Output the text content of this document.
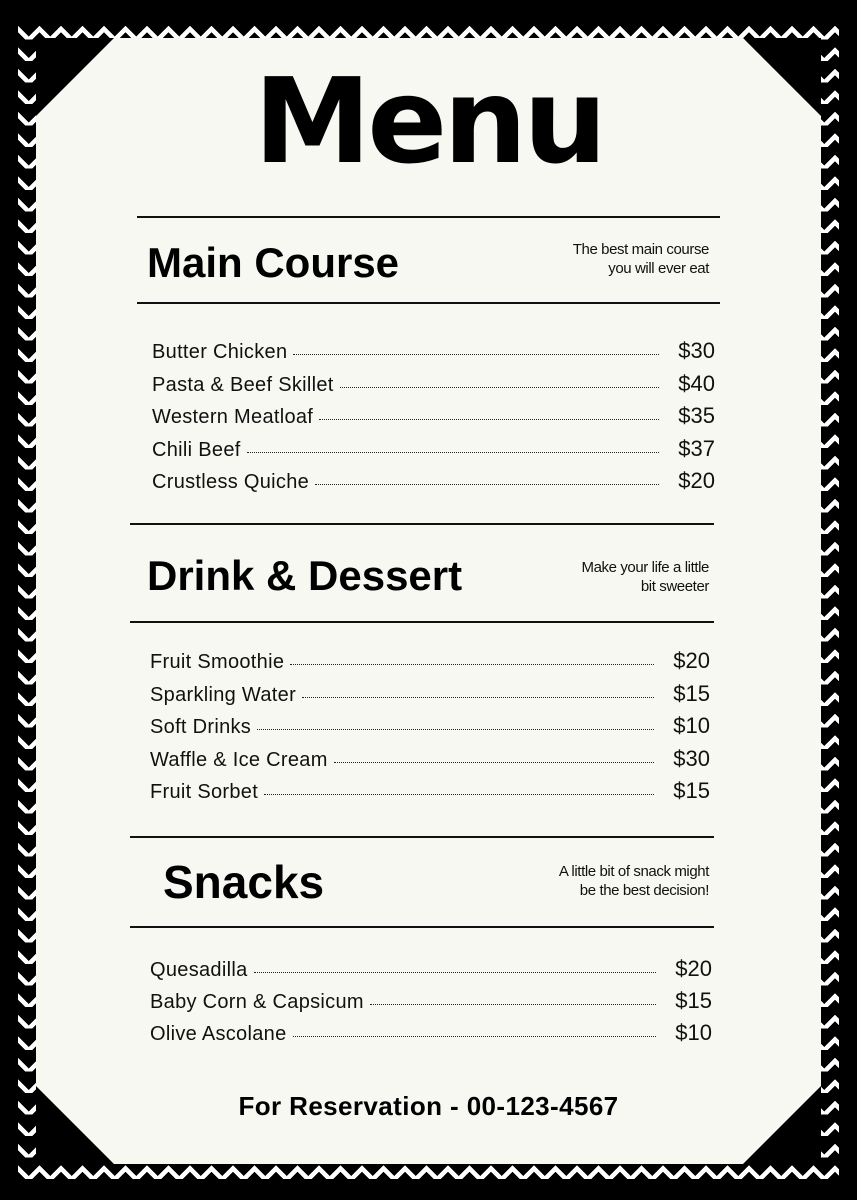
Menu
Main Course	The best main course
you will ever eat
Butter Chicken	$30
Pasta & Beef Skillet	$40
Western Meatloaf	$35
Chili Beef	$37
Crustless Quiche	$20
Drink & Dessert	Make your life a little
bit sweeter
Fruit Smoothie	$20
Sparkling Water	$15
Soft Drinks	$10
Waffle & Ice Cream	$30
Fruit Sorbet	$15
Snacks	A little bit of snack might
be the best decision!
Quesadilla	$20
Baby Corn & Capsicum	$15
Olive Ascolane	$10
For Reservation - 00-123-4567
